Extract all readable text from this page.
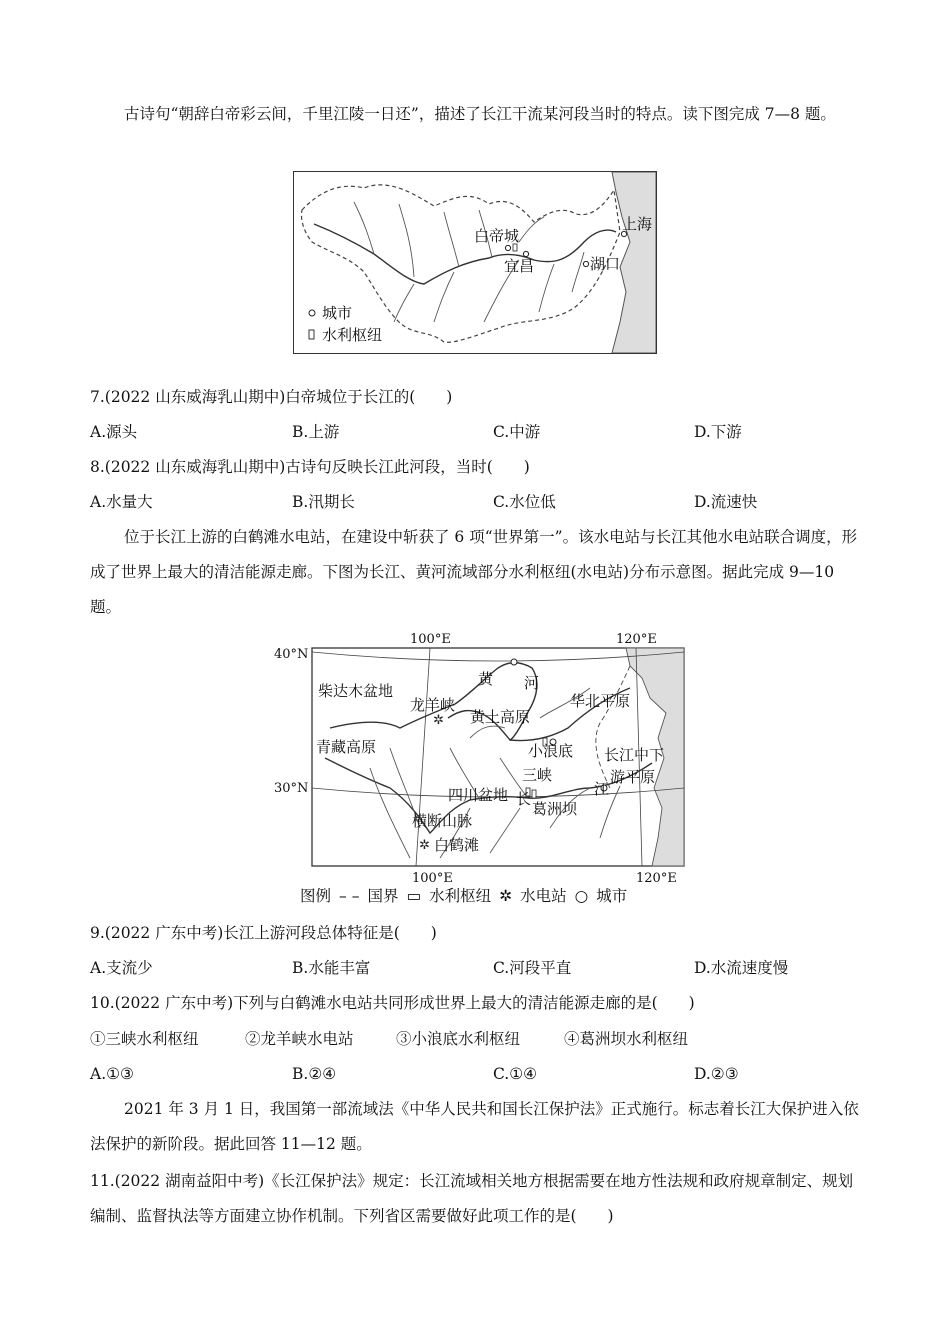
古诗句“朝辞白帝彩云间，千里江陵一日还”，描述了长江干流某河段当时的特点。读下图完成 7—8 题。
白帝城
宜昌	湖口
上海
城市
水利枢纽
7.(2022 山东威海乳山期中)白帝城位于长江的(　　)
A.源头	B.上游	C.中游	D.下游
8.(2022 山东威海乳山期中)古诗句反映长江此河段，当时(　　)
A.水量大	B.汛期长	C.水位低	D.流速快
位于长江上游的白鹤滩水电站，在建设中斩获了 6 项“世界第一”。该水电站与长江其他水电站联合调度，形成了世界上最大的清洁能源走廊。下图为长江、黄河流域部分水利枢纽(水电站)分布示意图。据此完成 9—10 题。
✲
✲
40°N
30°N
100°E	120°E
100°E	120°E
柴达木盆地
青藏高原
龙羊峡
黄 河
黄土高原
华北平原
小浪底 长江中下
游平原
三峡
四川盆地 长
江
葛洲坝
横断山脉
白鹤滩
图例 – – 国界 ▭ 水利枢纽 ✲ 水电站 ○ 城市
9.(2022 广东中考)长江上游河段总体特征是(　　)
A.支流少	B.水能丰富	C.河段平直	D.水流速度慢
10.(2022 广东中考)下列与白鹤滩水电站共同形成世界上最大的清洁能源走廊的是(　　)
①三峡水利枢纽	②龙羊峡水电站	③小浪底水利枢纽	④葛洲坝水利枢纽
A.①③	B.②④	C.①④	D.②③
2021 年 3 月 1 日，我国第一部流域法《中华人民共和国长江保护法》正式施行。标志着长江大保护进入依法保护的新阶段。据此回答 11—12 题。
11.(2022 湖南益阳中考)《长江保护法》规定：长江流域相关地方根据需要在地方性法规和政府规章制定、规划编制、监督执法等方面建立协作机制。下列省区需要做好此项工作的是(　　)
